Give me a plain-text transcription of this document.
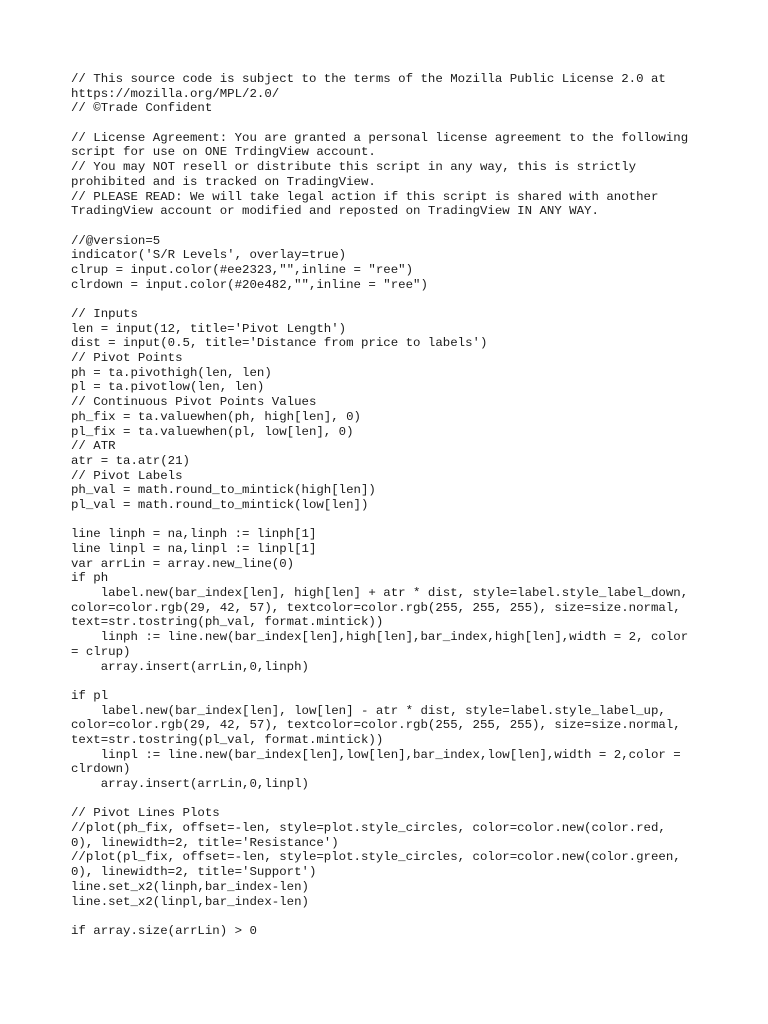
// This source code is subject to the terms of the Mozilla Public License 2.0 at
https://mozilla.org/MPL/2.0/
// ©Trade Confident
// License Agreement: You are granted a personal license agreement to the following
script for use on ONE TrdingView account.
// You may NOT resell or distribute this script in any way, this is strictly
prohibited and is tracked on TradingView.
// PLEASE READ: We will take legal action if this script is shared with another
TradingView account or modified and reposted on TradingView IN ANY WAY.
//@version=5
indicator('S/R Levels', overlay=true)
clrup = input.color(#ee2323,"",inline = "ree")
clrdown = input.color(#20e482,"",inline = "ree")
// Inputs
len = input(12, title='Pivot Length')
dist = input(0.5, title='Distance from price to labels')
// Pivot Points
ph = ta.pivothigh(len, len)
pl = ta.pivotlow(len, len)
// Continuous Pivot Points Values
ph_fix = ta.valuewhen(ph, high[len], 0)
pl_fix = ta.valuewhen(pl, low[len], 0)
// ATR
atr = ta.atr(21)
// Pivot Labels
ph_val = math.round_to_mintick(high[len])
pl_val = math.round_to_mintick(low[len])
line linph = na,linph := linph[1]
line linpl = na,linpl := linpl[1]
var arrLin = array.new_line(0)
if ph
label.new(bar_index[len], high[len] + atr * dist, style=label.style_label_down,
color=color.rgb(29, 42, 57), textcolor=color.rgb(255, 255, 255), size=size.normal,
text=str.tostring(ph_val, format.mintick))
linph := line.new(bar_index[len],high[len],bar_index,high[len],width = 2, color
= clrup)
array.insert(arrLin,0,linph)
if pl
label.new(bar_index[len], low[len] - atr * dist, style=label.style_label_up,
color=color.rgb(29, 42, 57), textcolor=color.rgb(255, 255, 255), size=size.normal,
text=str.tostring(pl_val, format.mintick))
linpl := line.new(bar_index[len],low[len],bar_index,low[len],width = 2,color =
clrdown)
array.insert(arrLin,0,linpl)
// Pivot Lines Plots
//plot(ph_fix, offset=-len, style=plot.style_circles, color=color.new(color.red,
0), linewidth=2, title='Resistance')
//plot(pl_fix, offset=-len, style=plot.style_circles, color=color.new(color.green,
0), linewidth=2, title='Support')
line.set_x2(linph,bar_index-len)
line.set_x2(linpl,bar_index-len)
if array.size(arrLin) > 0
